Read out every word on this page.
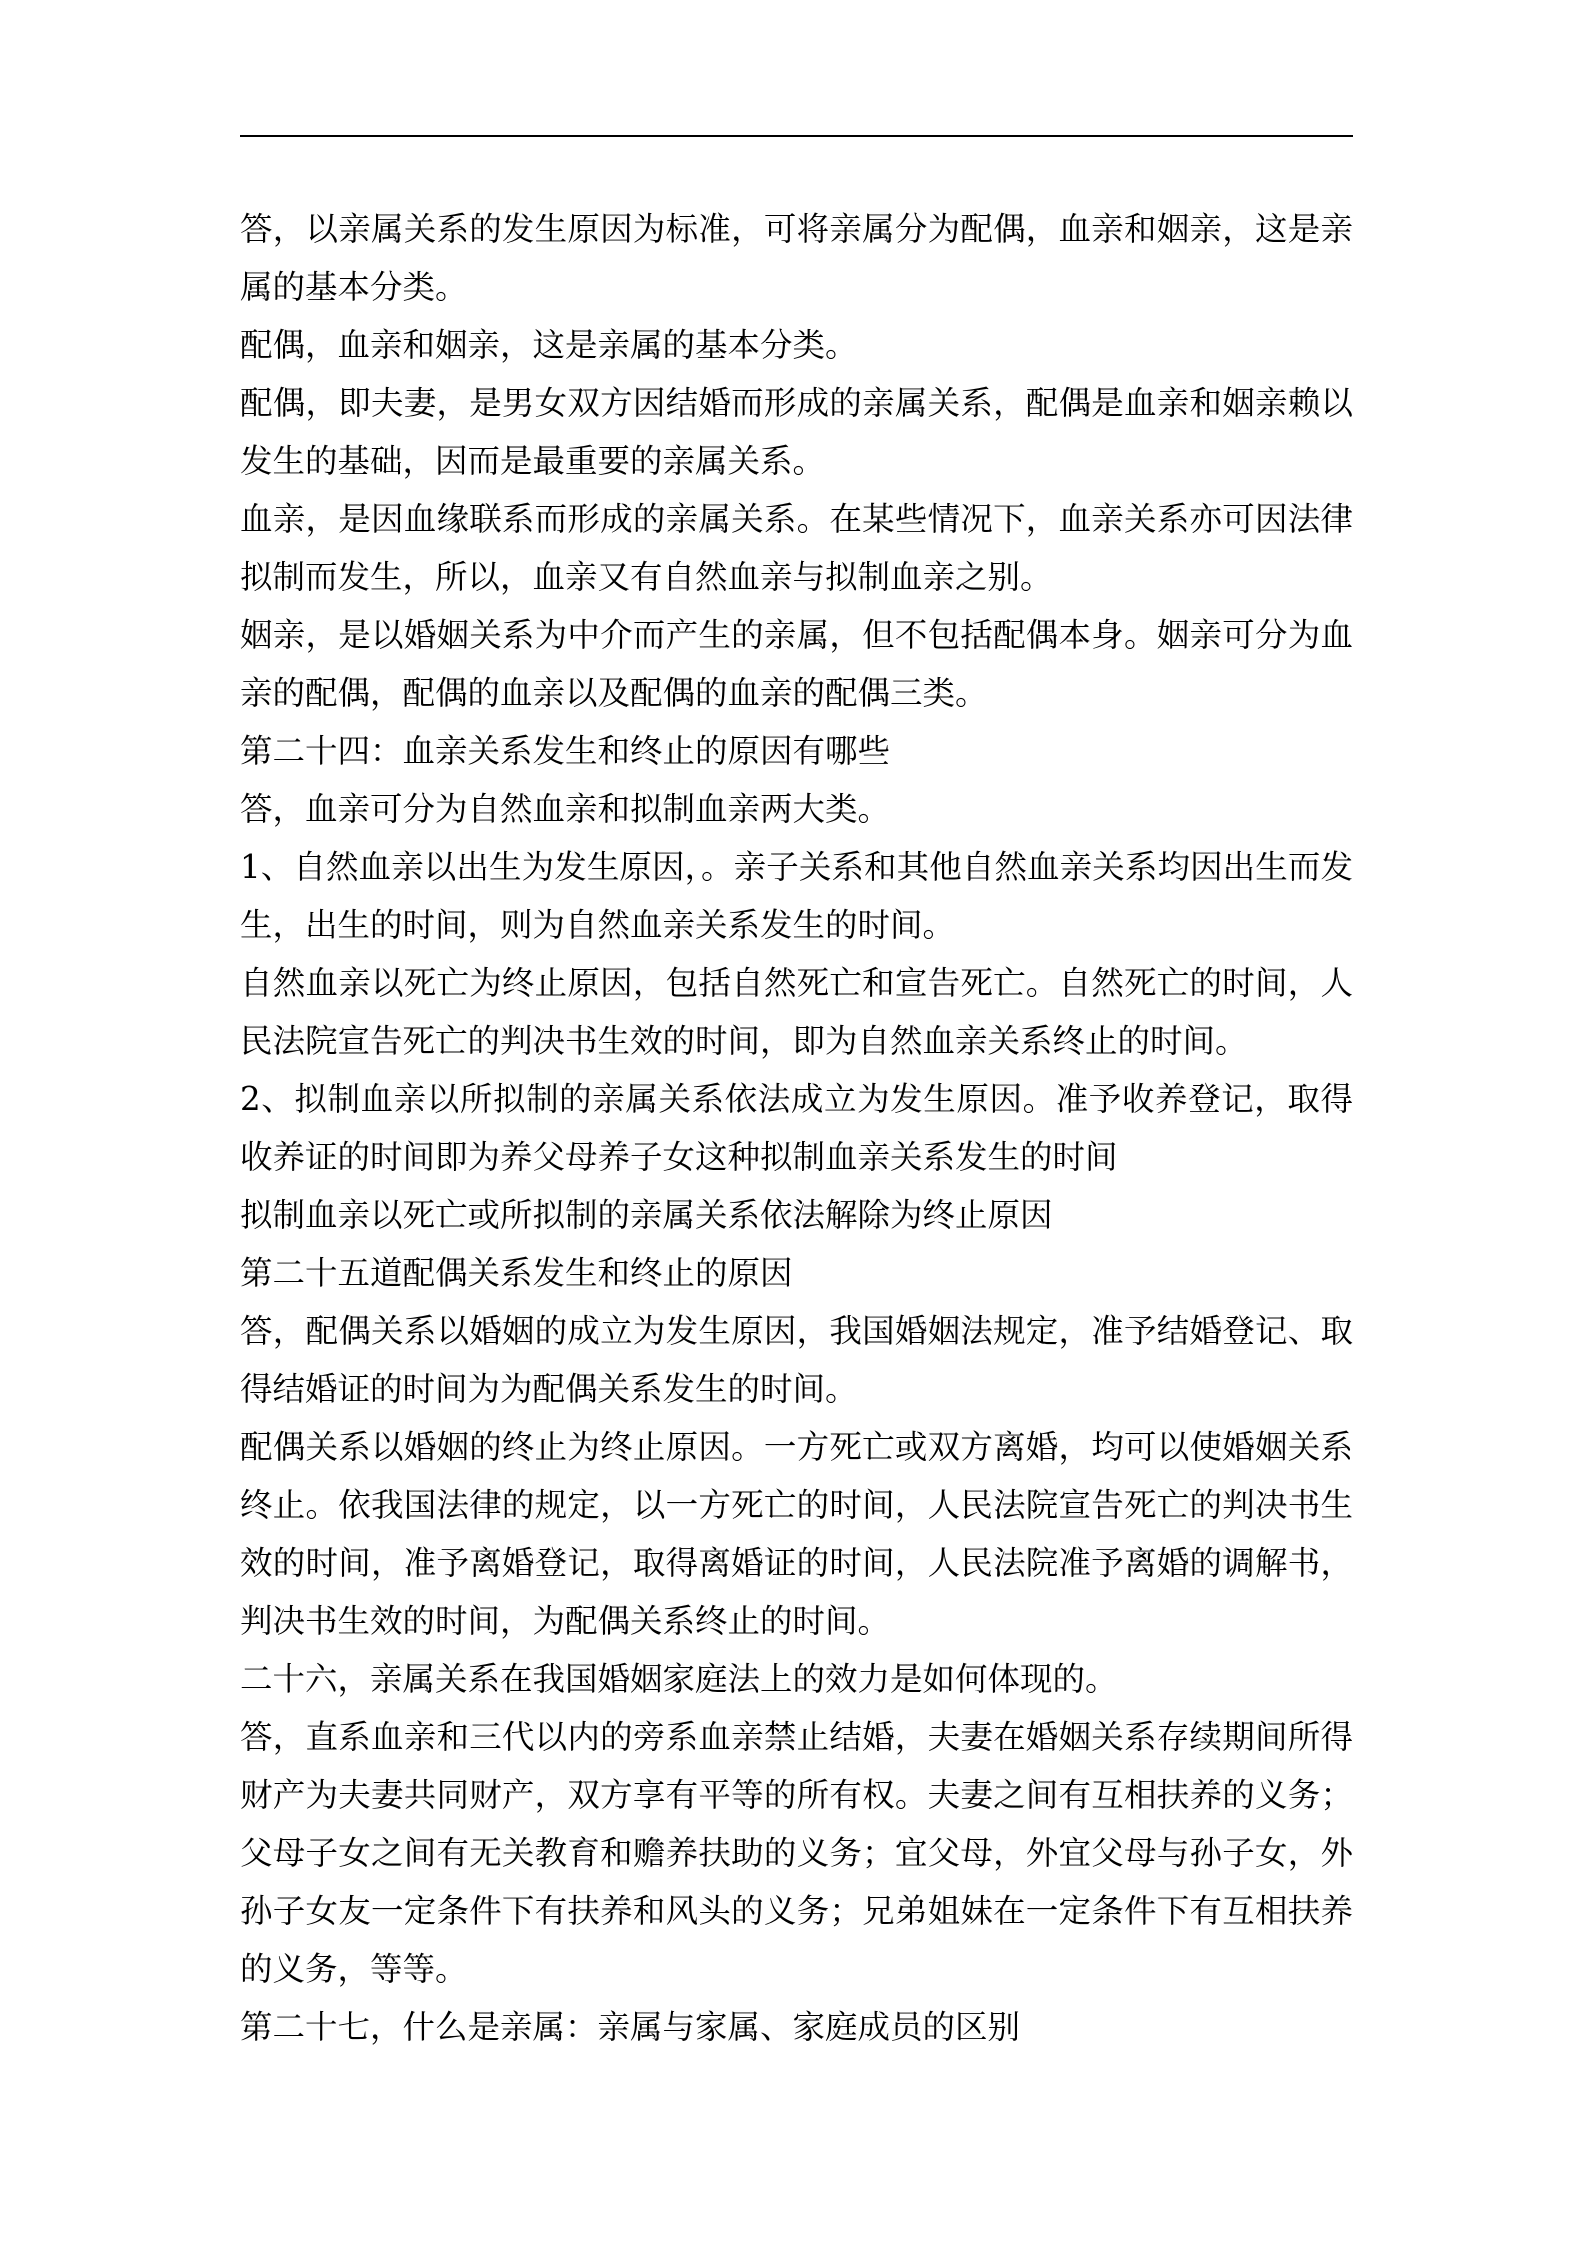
答，以亲属关系的发生原因为标准，可将亲属分为配偶，血亲和姻亲，这是亲属的基本分类。

配偶，血亲和姻亲，这是亲属的基本分类。

配偶，即夫妻，是男女双方因结婚而形成的亲属关系，配偶是血亲和姻亲赖以发生的基础，因而是最重要的亲属关系。

血亲，是因血缘联系而形成的亲属关系。在某些情况下，血亲关系亦可因法律拟制而发生，所以，血亲又有自然血亲与拟制血亲之别。

姻亲，是以婚姻关系为中介而产生的亲属，但不包括配偶本身。姻亲可分为血亲的配偶，配偶的血亲以及配偶的血亲的配偶三类。

第二十四：血亲关系发生和终止的原因有哪些

答，血亲可分为自然血亲和拟制血亲两大类。

1、自然血亲以出生为发生原因，。亲子关系和其他自然血亲关系均因出生而发生，出生的时间，则为自然血亲关系发生的时间。

自然血亲以死亡为终止原因，包括自然死亡和宣告死亡。自然死亡的时间，人民法院宣告死亡的判决书生效的时间，即为自然血亲关系终止的时间。

2、拟制血亲以所拟制的亲属关系依法成立为发生原因。准予收养登记，取得收养证的时间即为养父母养子女这种拟制血亲关系发生的时间

拟制血亲以死亡或所拟制的亲属关系依法解除为终止原因

第二十五道配偶关系发生和终止的原因

答，配偶关系以婚姻的成立为发生原因，我国婚姻法规定，准予结婚登记、取得结婚证的时间为为配偶关系发生的时间。

配偶关系以婚姻的终止为终止原因。一方死亡或双方离婚，均可以使婚姻关系终止。依我国法律的规定，以一方死亡的时间，人民法院宣告死亡的判决书生效的时间，准予离婚登记，取得离婚证的时间，人民法院准予离婚的调解书，判决书生效的时间，为配偶关系终止的时间。

二十六，亲属关系在我国婚姻家庭法上的效力是如何体现的。

答，直系血亲和三代以内的旁系血亲禁止结婚，夫妻在婚姻关系存续期间所得财产为夫妻共同财产，双方享有平等的所有权。夫妻之间有互相扶养的义务；父母子女之间有无关教育和赡养扶助的义务；宜父母，外宜父母与孙子女，外孙子女友一定条件下有扶养和风头的义务；兄弟姐妹在一定条件下有互相扶养的义务，等等。

第二十七，什么是亲属：亲属与家属、家庭成员的区别
